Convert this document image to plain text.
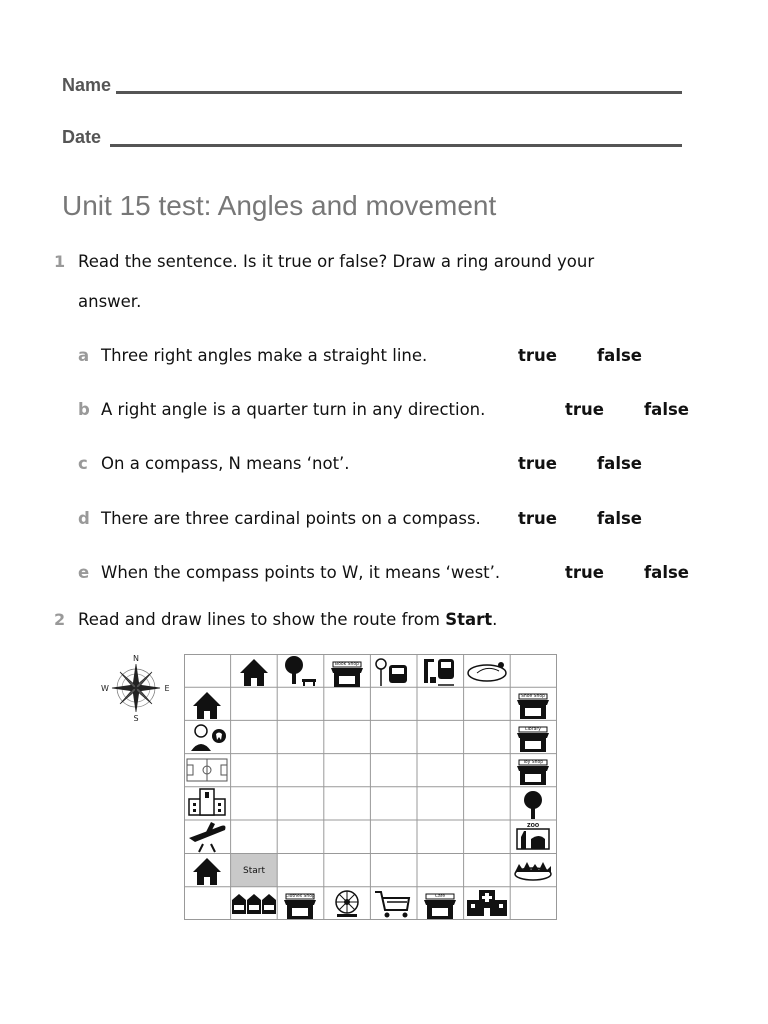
Name
Date
Unit 15 test: Angles and movement
1 Read the sentence. Is it true or false? Draw a ring around your
answer.
a Three right angles make a straight line.	true false
b A right angle is a quarter turn in any direction.	true false
c On a compass, N means ‘not’.	true false
d There are three cardinal points on a compass. true false
e When the compass points to W, it means ‘west’.	true false
2 Read and draw lines to show the route from Start.
N
S
E
W
Start
Book Shop
Shoe Shop
Library
Toy Shop
ZOO
Clothes Shop	Cafe
